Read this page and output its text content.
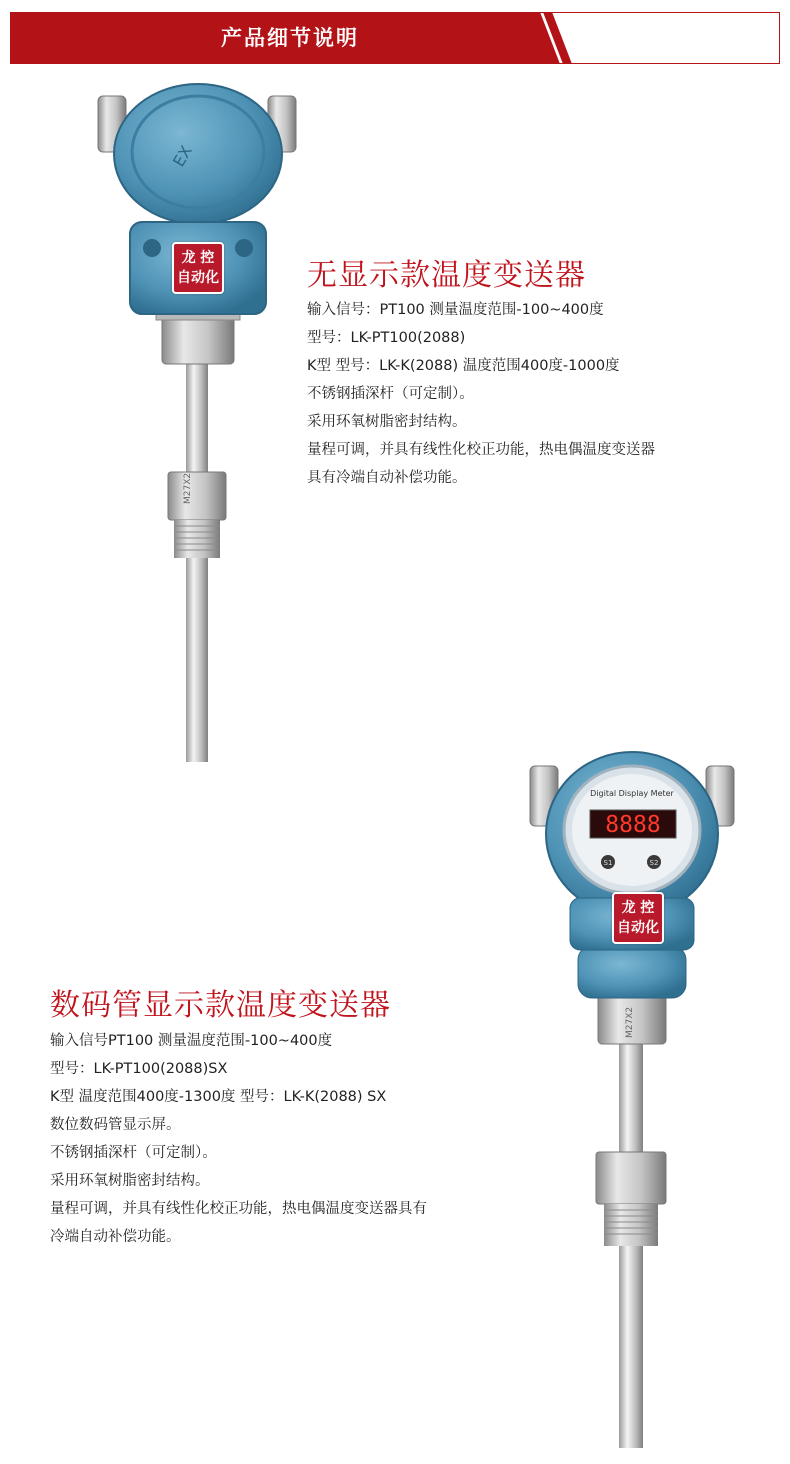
产品细节说明
M27X2
EX
龙 控
自动化	无显示款温度变送器
输入信号：PT100 测量温度范围-100~400度
型号：LK-PT100(2088)
K型 型号：LK-K(2088) 温度范围400度-1000度
不锈钢插深杆（可定制）。
采用环氧树脂密封结构。
量程可调，并具有线性化校正功能，热电偶温度变送器
具有冷端自动补偿功能。
M27X2
Digital Display Meter
8888
S1	S2
龙 控
自动化
数码管显示款温度变送器
输入信号PT100 测量温度范围-100~400度
型号：LK-PT100(2088)SX
K型 温度范围400度-1300度 型号：LK-K(2088) SX
数位数码管显示屏。
不锈钢插深杆（可定制）。
采用环氧树脂密封结构。
量程可调，并具有线性化校正功能，热电偶温度变送器具有
冷端自动补偿功能。
